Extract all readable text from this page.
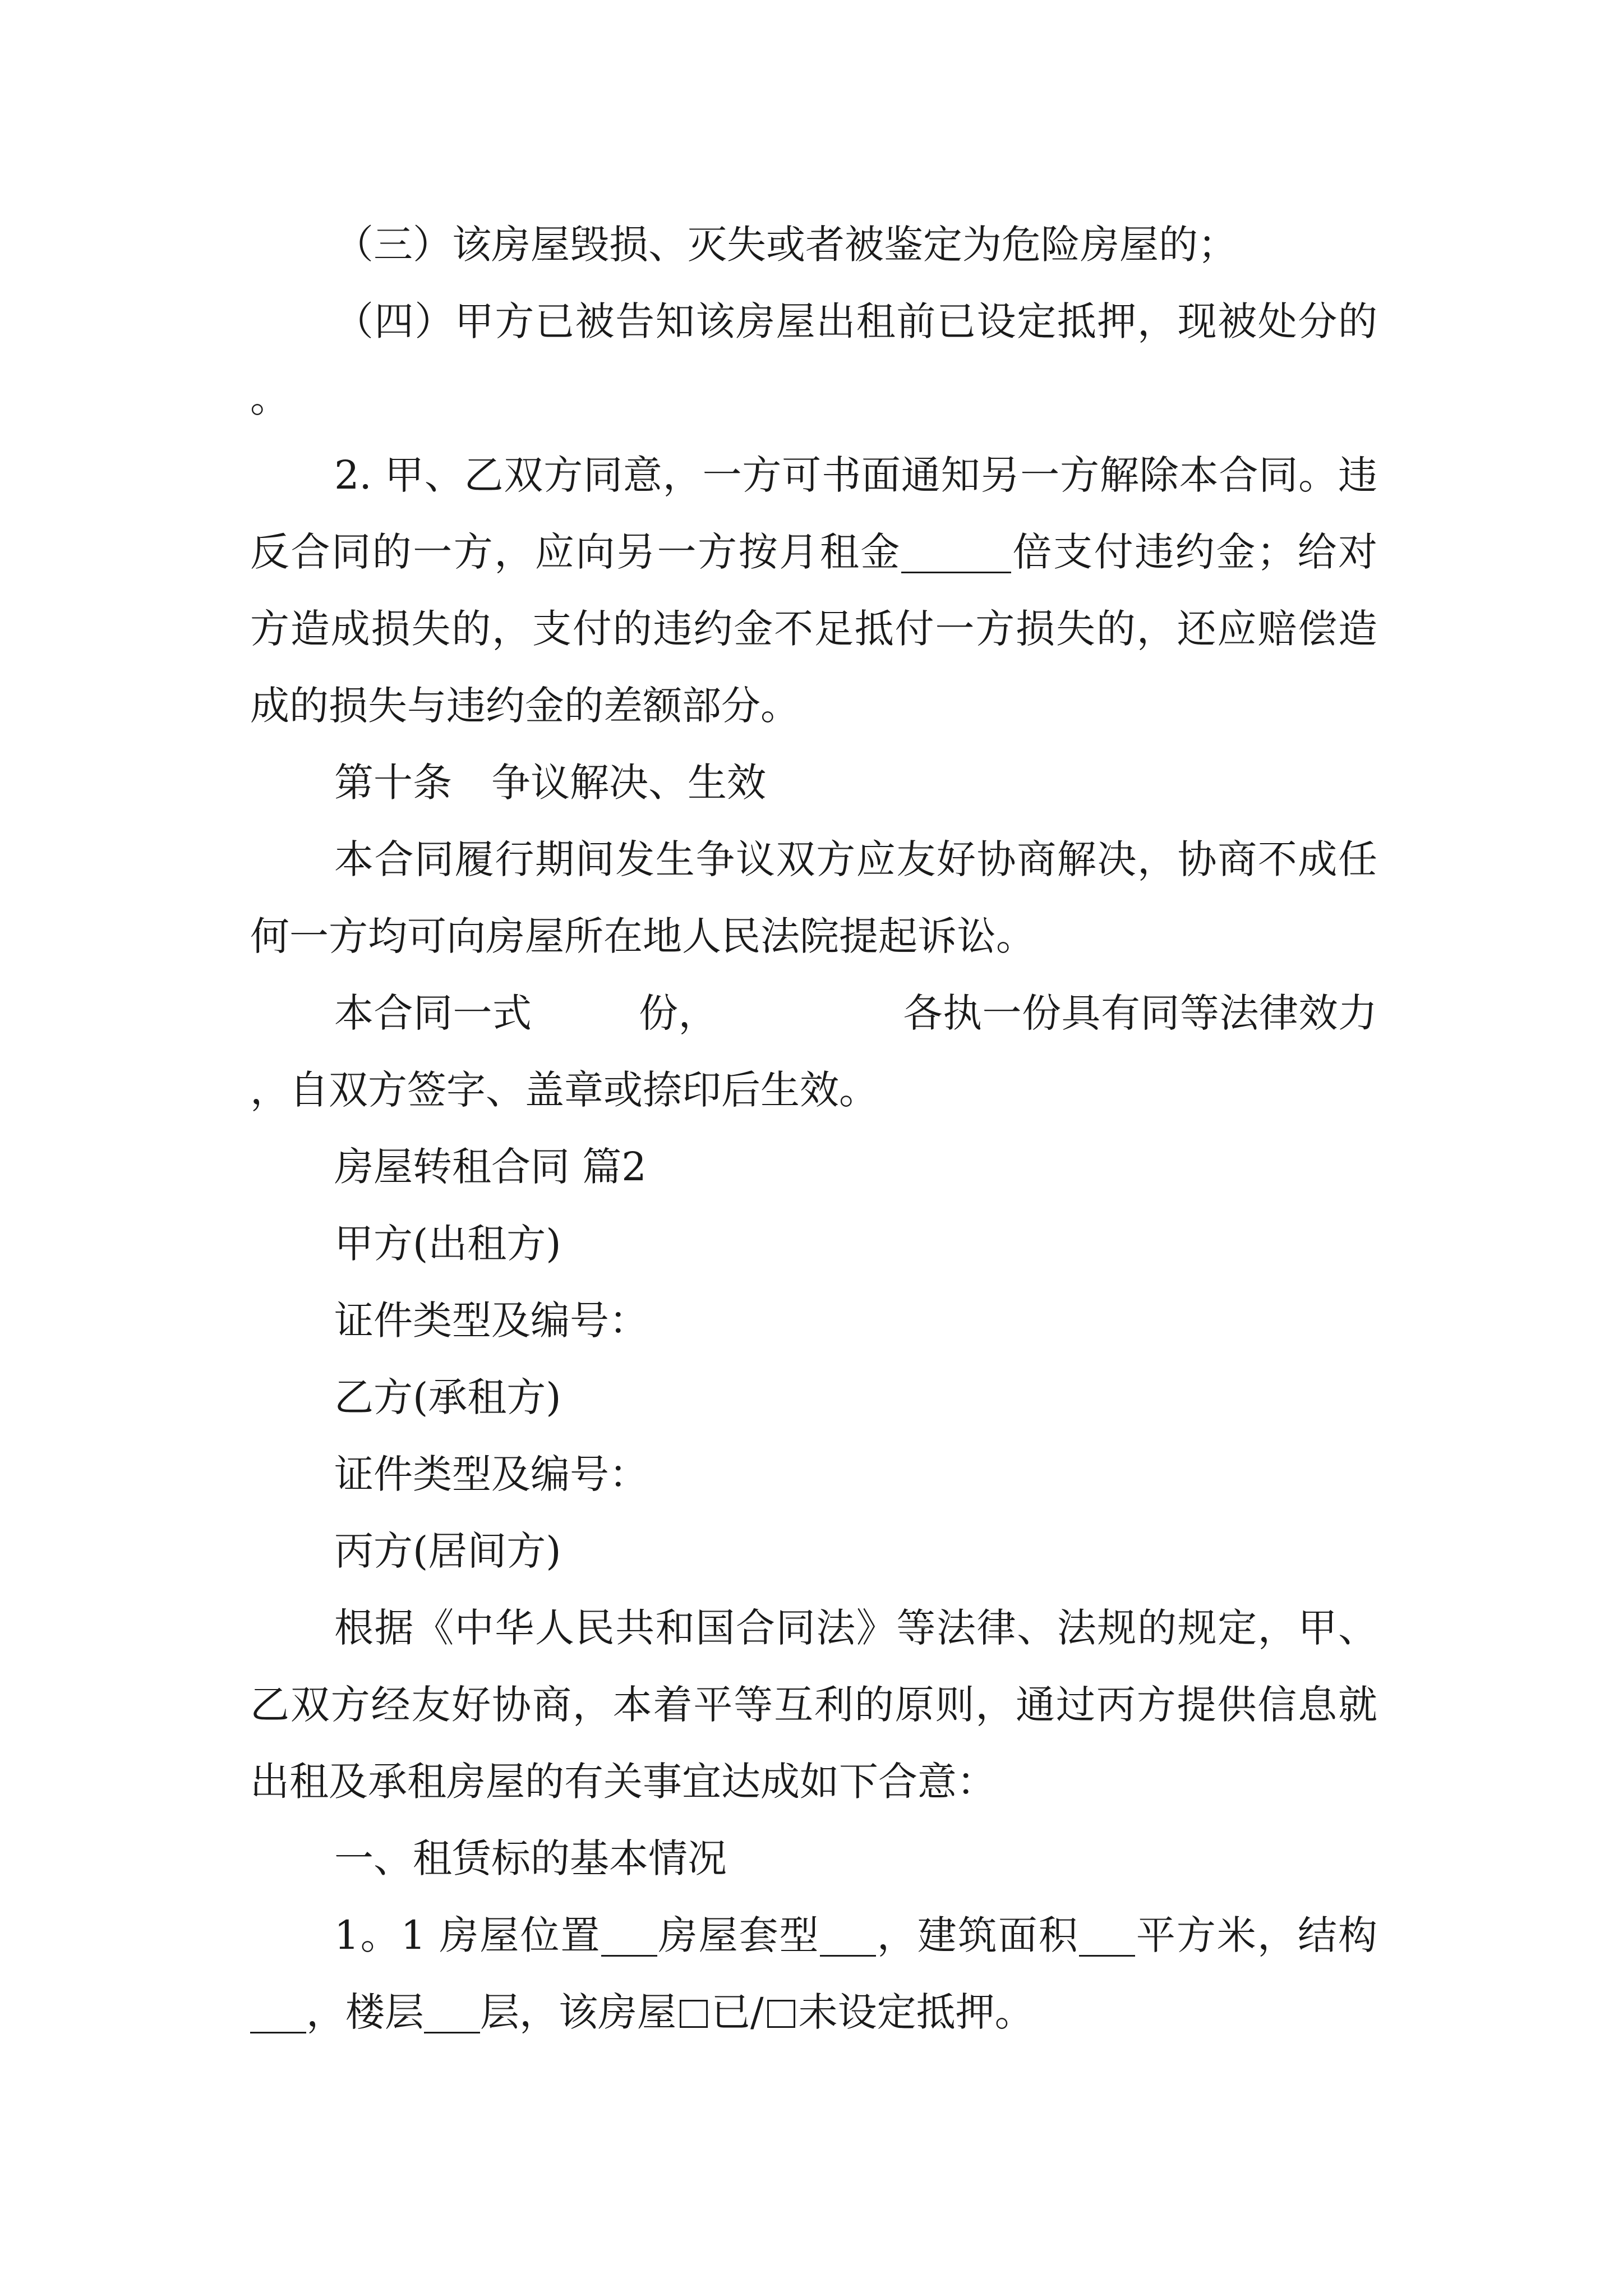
（三）该房屋毁损、灭失或者被鉴定为危险房屋的；

（四）甲方已被告知该房屋出租前已设定抵押，现被处分的。

2. 甲、乙双方同意，一方可书面通知另一方解除本合同。违反合同的一方，应向另一方按月租金	倍支付违约金；给对方造成损失的，支付的违约金不足抵付一方损失的，还应赔偿造成的损失与违约金的差额部分。

第十条　争议解决、生效

本合同履行期间发生争议双方应友好协商解决，协商不成任何一方均可向房屋所在地人民法院提起诉讼。

本合同一式	份，	各执一份具有同等法律效力，自双方签字、盖章或捺印后生效。

房屋转租合同 篇2

甲方(出租方)

证件类型及编号：

乙方(承租方)

证件类型及编号：

丙方(居间方)

根据《中华人民共和国合同法》等法律、法规的规定，甲、乙双方经友好协商，本着平等互利的原则，通过丙方提供信息就出租及承租房屋的有关事宜达成如下合意：

一、租赁标的基本情况

1。1 房屋位置 房屋套型 ，建筑面积 平方米，结构，楼层 层，该房屋 已/ 未设定抵押。
